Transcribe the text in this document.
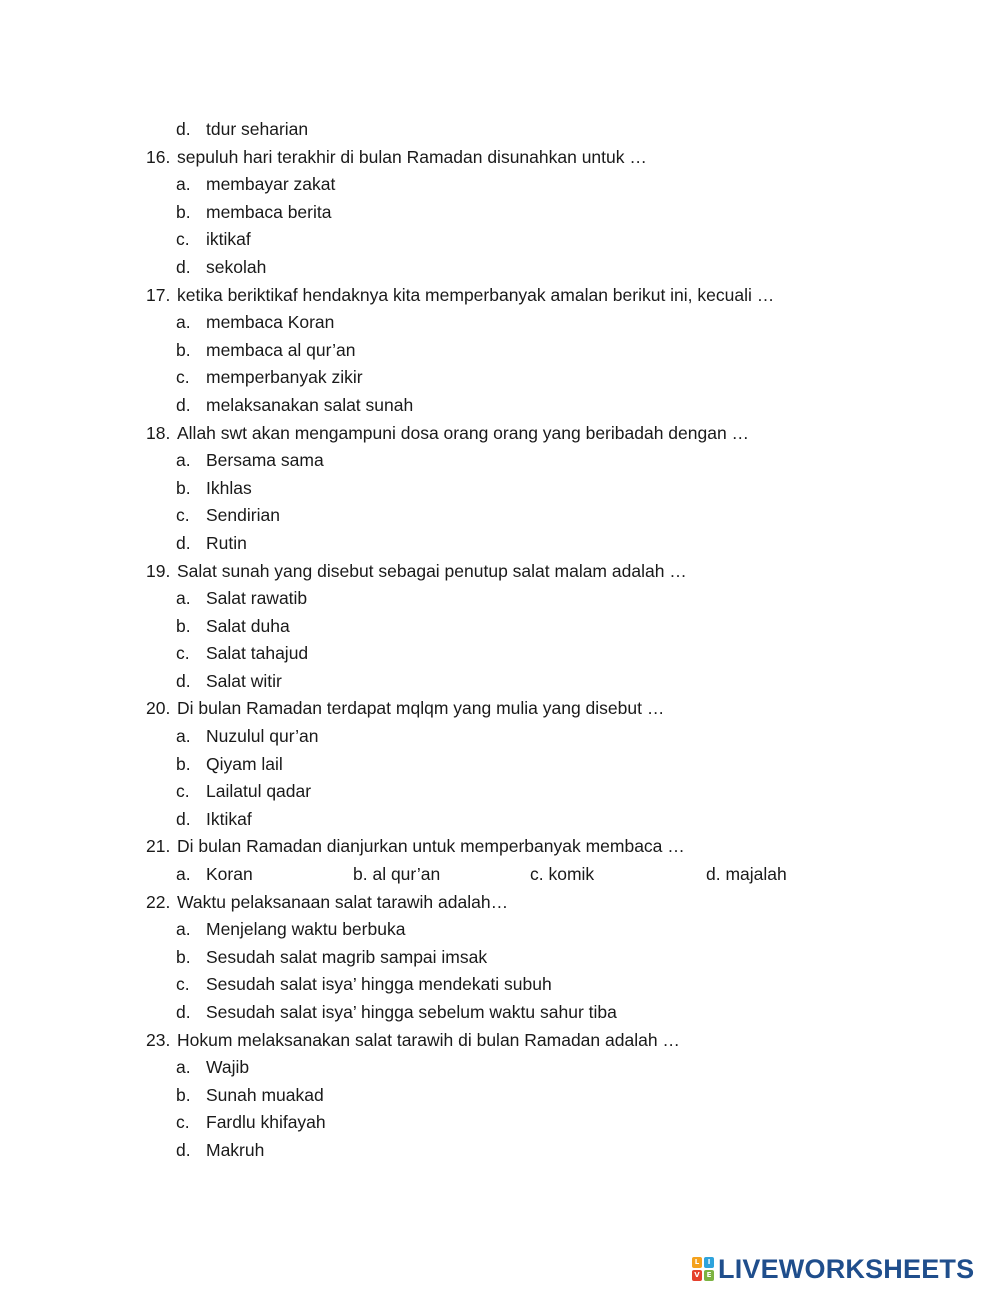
d. tdur seharian
16. sepuluh hari terakhir di bulan Ramadan disunahkan untuk …
a. membayar zakat
b. membaca berita
c. iktikaf
d. sekolah
17. ketika beriktikaf hendaknya kita memperbanyak amalan berikut ini, kecuali …
a. membaca Koran
b. membaca al qur’an
c. memperbanyak zikir
d. melaksanakan salat sunah
18. Allah swt akan mengampuni dosa orang orang yang beribadah dengan …
a. Bersama sama
b. Ikhlas
c. Sendirian
d. Rutin
19. Salat sunah yang disebut sebagai penutup salat malam adalah …
a. Salat rawatib
b. Salat duha
c. Salat tahajud
d. Salat witir
20. Di bulan Ramadan terdapat mqlqm yang mulia yang disebut …
a. Nuzulul qur’an
b. Qiyam lail
c. Lailatul qadar
d. Iktikaf
21. Di bulan Ramadan dianjurkan untuk memperbanyak membaca …
a. Koran	b. al qur’an	c. komik	d. majalah
22. Waktu pelaksanaan salat tarawih adalah…
a. Menjelang waktu berbuka
b. Sesudah salat magrib sampai imsak
c. Sesudah salat isya’ hingga mendekati subuh
d. Sesudah salat isya’ hingga sebelum waktu sahur tiba
23. Hokum melaksanakan salat tarawih di bulan Ramadan adalah …
a. Wajib
b. Sunah muakad
c. Fardlu khifayah
d. Makruh
L	I
V E LIVEWORKSHEETS
